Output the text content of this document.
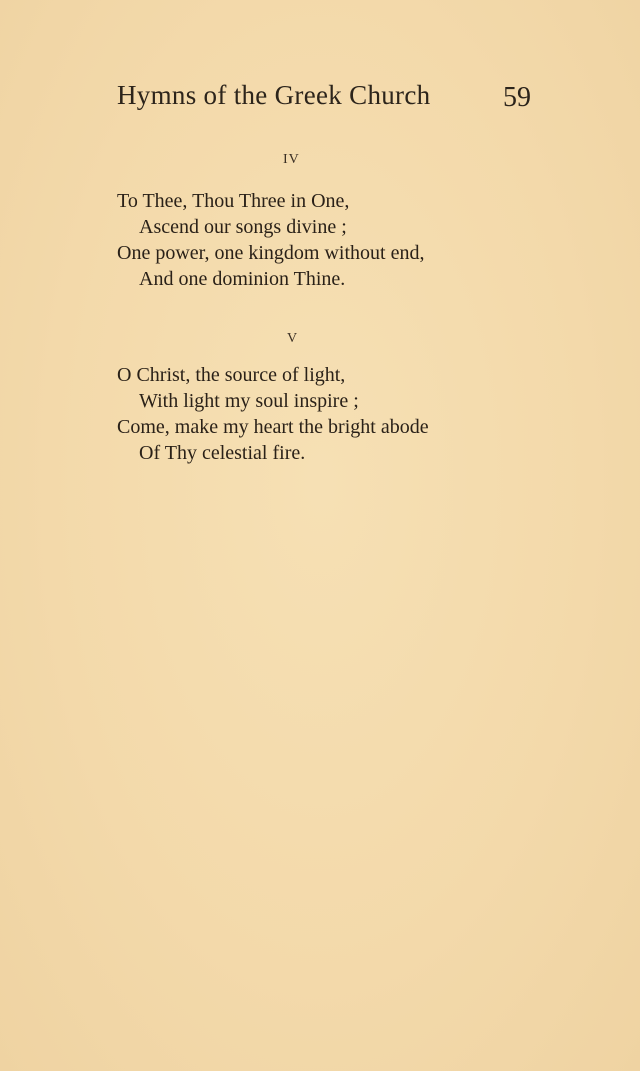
Hymns of the Greek Church	59
IV
To Thee, Thou Three in One,
Ascend our songs divine ;
One power, one kingdom without end,
And one dominion Thine.
V
O Christ, the source of light,
With light my soul inspire ;
Come, make my heart the bright abode
Of Thy celestial fire.
